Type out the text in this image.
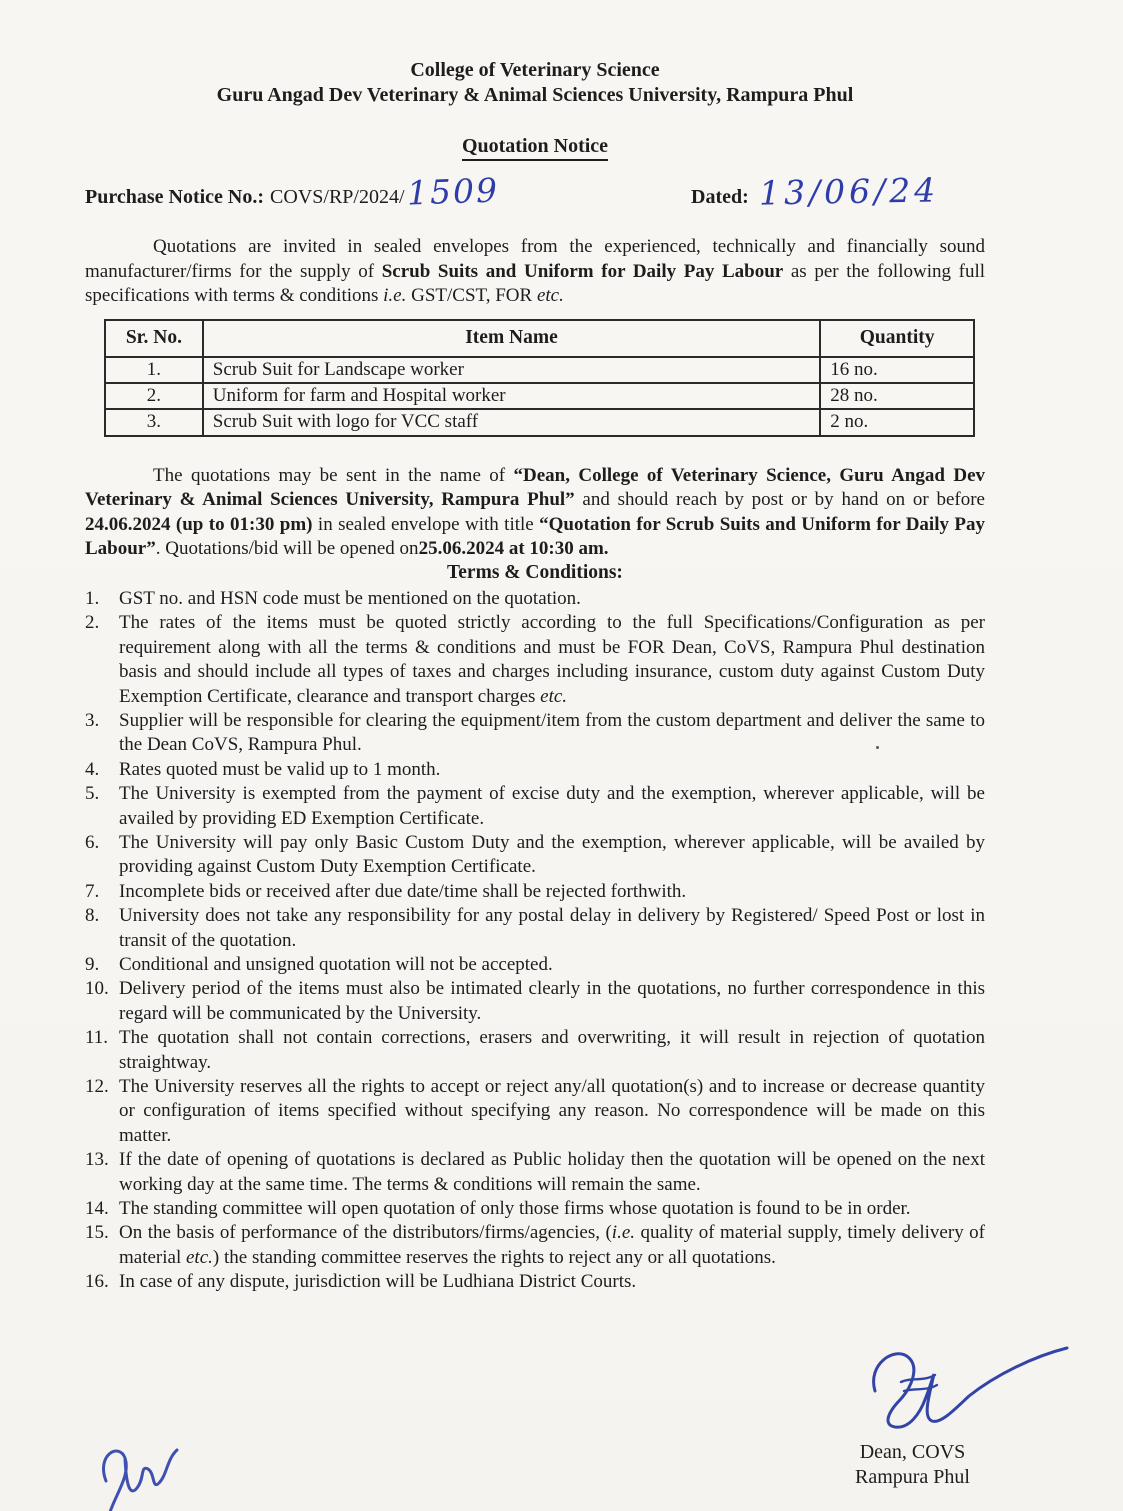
College of Veterinary Science
Guru Angad Dev Veterinary & Animal Sciences University, Rampura Phul
Quotation Notice
Purchase Notice No.: COVS/RP/2024/ 1509	Dated: 13/06/24
Quotations are invited in sealed envelopes from the experienced, technically and financially sound manufacturer/firms for the supply of Scrub Suits and Uniform for Daily Pay Labour as per the following full specifications with terms & conditions i.e. GST/CST, FOR etc.
Sr. No.	Item Name	Quantity
1.	Scrub Suit for Landscape worker	16 no.
2.	Uniform for farm and Hospital worker	28 no.
3.	Scrub Suit with logo for VCC staff	2 no.
The quotations may be sent in the name of “Dean, College of Veterinary Science, Guru Angad Dev Veterinary & Animal Sciences University, Rampura Phul” and should reach by post or by hand on or before 24.06.2024 (up to 01:30 pm) in sealed envelope with title “Quotation for Scrub Suits and Uniform for Daily Pay Labour”. Quotations/bid will be opened on25.06.2024 at 10:30 am.
Terms & Conditions:
1.	GST no. and HSN code must be mentioned on the quotation.
2.	The rates of the items must be quoted strictly according to the full Specifications/Configuration as per requirement along with all the terms & conditions and must be FOR Dean, CoVS, Rampura Phul destination basis and should include all types of taxes and charges including insurance, custom duty against Custom Duty Exemption Certificate, clearance and transport charges etc.
3.	Supplier will be responsible for clearing the equipment/item from the custom department and deliver the same to the Dean CoVS, Rampura Phul.
4.	Rates quoted must be valid up to 1 month.
5.	The University is exempted from the payment of excise duty and the exemption, wherever applicable, will be availed by providing ED Exemption Certificate.
6.	The University will pay only Basic Custom Duty and the exemption, wherever applicable, will be availed by providing against Custom Duty Exemption Certificate.
7.	Incomplete bids or received after due date/time shall be rejected forthwith.
8.	University does not take any responsibility for any postal delay in delivery by Registered/ Speed Post or lost in transit of the quotation.
9.	Conditional and unsigned quotation will not be accepted.
10. Delivery period of the items must also be intimated clearly in the quotations, no further correspondence in this regard will be communicated by the University.
11. The quotation shall not contain corrections, erasers and overwriting, it will result in rejection of quotation straightway.
12. The University reserves all the rights to accept or reject any/all quotation(s) and to increase or decrease quantity or configuration of items specified without specifying any reason. No correspondence will be made on this matter.
13. If the date of opening of quotations is declared as Public holiday then the quotation will be opened on the next working day at the same time. The terms & conditions will remain the same.
14. The standing committee will open quotation of only those firms whose quotation is found to be in order.
15. On the basis of performance of the distributors/firms/agencies, (i.e. quality of material supply, timely delivery of material etc.) the standing committee reserves the rights to reject any or all quotations.
16. In case of any dispute, jurisdiction will be Ludhiana District Courts.
Dean, COVS
Rampura Phul
